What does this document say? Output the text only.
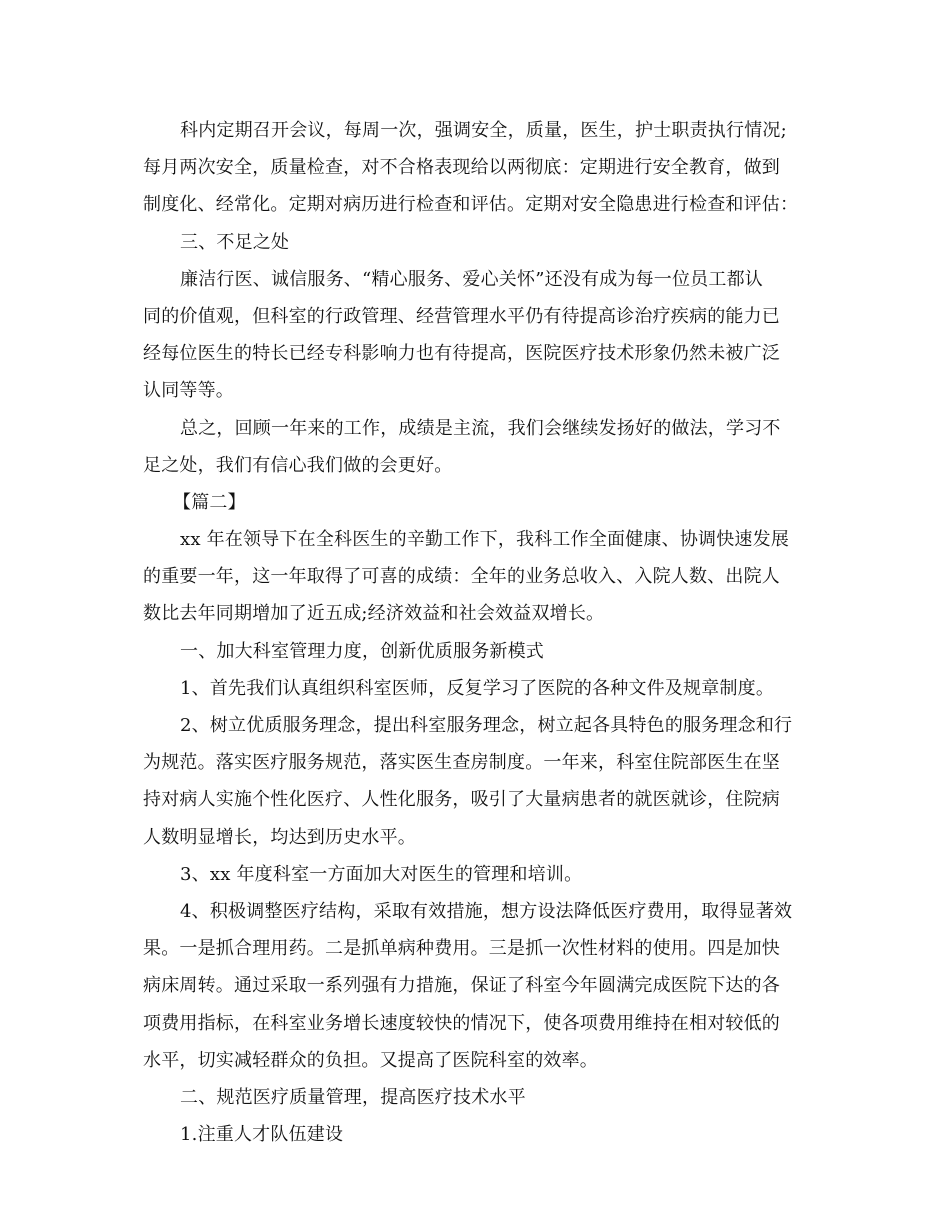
科内定期召开会议，每周一次，强调安全，质量，医生，护士职责执行情况;
每月两次安全，质量检查，对不合格表现给以两彻底：定期进行安全教育，做到
制度化、经常化。定期对病历进行检查和评估。定期对安全隐患进行检查和评估：
三、不足之处
廉洁行医、诚信服务、“精心服务、爱心关怀”还没有成为每一位员工都认
同的价值观，但科室的行政管理、经营管理水平仍有待提高诊治疗疾病的能力已
经每位医生的特长已经专科影响力也有待提高，医院医疗技术形象仍然未被广泛
认同等等。
总之，回顾一年来的工作，成绩是主流，我们会继续发扬好的做法，学习不
足之处，我们有信心我们做的会更好。
【篇二】
xx 年在领导下在全科医生的辛勤工作下，我科工作全面健康、协调快速发展
的重要一年，这一年取得了可喜的成绩：全年的业务总收入、入院人数、出院人
数比去年同期增加了近五成;经济效益和社会效益双增长。
一、加大科室管理力度，创新优质服务新模式
1、首先我们认真组织科室医师，反复学习了医院的各种文件及规章制度。
2、树立优质服务理念，提出科室服务理念，树立起各具特色的服务理念和行
为规范。落实医疗服务规范，落实医生查房制度。一年来，科室住院部医生在坚
持对病人实施个性化医疗、人性化服务，吸引了大量病患者的就医就诊，住院病
人数明显增长，均达到历史水平。
3、xx 年度科室一方面加大对医生的管理和培训。
4、积极调整医疗结构，采取有效措施，想方设法降低医疗费用，取得显著效
果。一是抓合理用药。二是抓单病种费用。三是抓一次性材料的使用。四是加快
病床周转。通过采取一系列强有力措施，保证了科室今年圆满完成医院下达的各
项费用指标，在科室业务增长速度较快的情况下，使各项费用维持在相对较低的
水平，切实减轻群众的负担。又提高了医院科室的效率。
二、规范医疗质量管理，提高医疗技术水平
1.注重人才队伍建设
